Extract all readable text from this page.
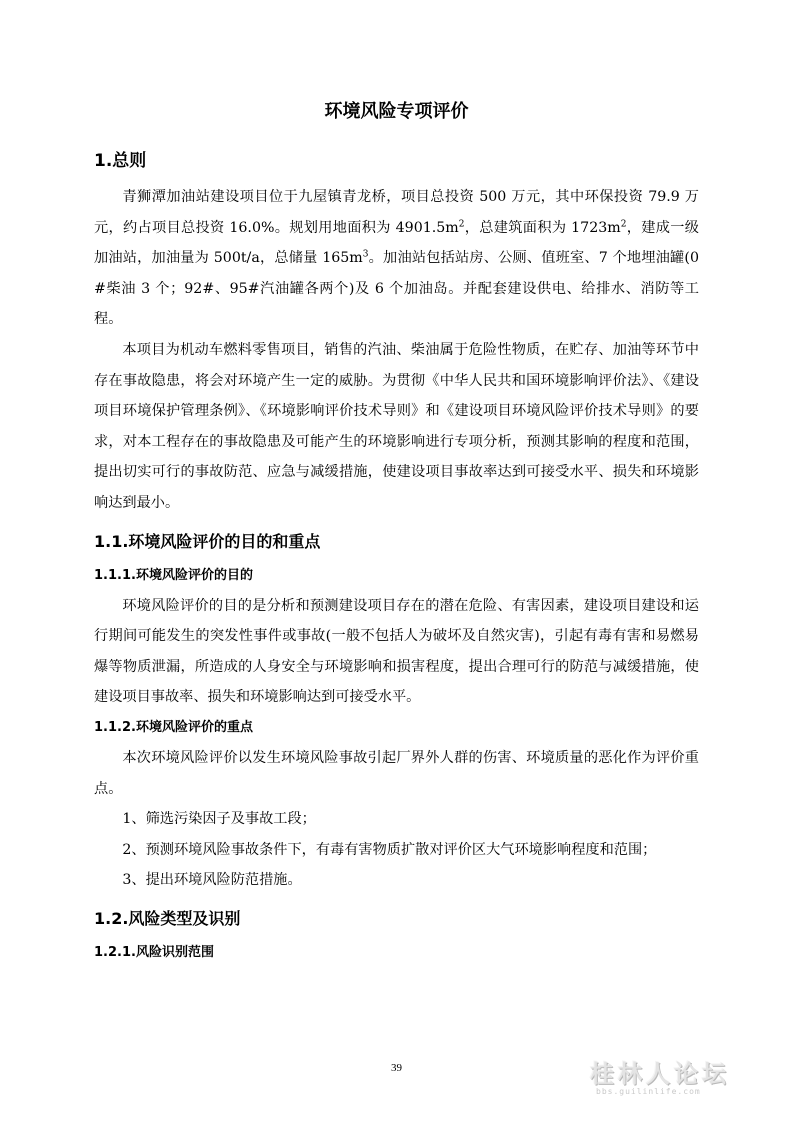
环境风险专项评价
1.总则

青狮潭加油站建设项目位于九屋镇青龙桥，项目总投资 500 万元，其中环保投资 79.9 万元，约占项目总投资 16.0%。规划用地面积为 $4901.5m^2$，总建筑面积为 $1723m^2$，建成一级加油站，加油量为 500t/a，总储量 $165m^3$。加油站包括站房、公厕、值班室、7 个地埋油罐(0#柴油 3 个；92#、95#汽油罐各两个)及 6 个加油岛。并配套建设供电、给排水、消防等工程。

本项目为机动车燃料零售项目，销售的汽油、柴油属于危险性物质，在贮存、加油等环节中存在事故隐患，将会对环境产生一定的威胁。为贯彻《中华人民共和国环境影响评价法》、《建设项目环境保护管理条例》、《环境影响评价技术导则》和《建设项目环境风险评价技术导则》的要求，对本工程存在的事故隐患及可能产生的环境影响进行专项分析，预测其影响的程度和范围，提出切实可行的事故防范、应急与减缓措施，使建设项目事故率达到可接受水平、损失和环境影响达到最小。

1.1.环境风险评价的目的和重点
1.1.1.环境风险评价的目的

环境风险评价的目的是分析和预测建设项目存在的潜在危险、有害因素，建设项目建设和运行期间可能发生的突发性事件或事故(一般不包括人为破坏及自然灾害)，引起有毒有害和易燃易爆等物质泄漏，所造成的人身安全与环境影响和损害程度，提出合理可行的防范与减缓措施，使建设项目事故率、损失和环境影响达到可接受水平。

1.1.2.环境风险评价的重点

本次环境风险评价以发生环境风险事故引起厂界外人群的伤害、环境质量的恶化作为评价重点。

1、筛选污染因子及事故工段；

2、预测环境风险事故条件下，有毒有害物质扩散对评价区大气环境影响程度和范围；

3、提出环境风险防范措施。

1.2.风险类型及识别
1.2.1.风险识别范围
39	桂林人论坛
bbs.guilinlife.com
